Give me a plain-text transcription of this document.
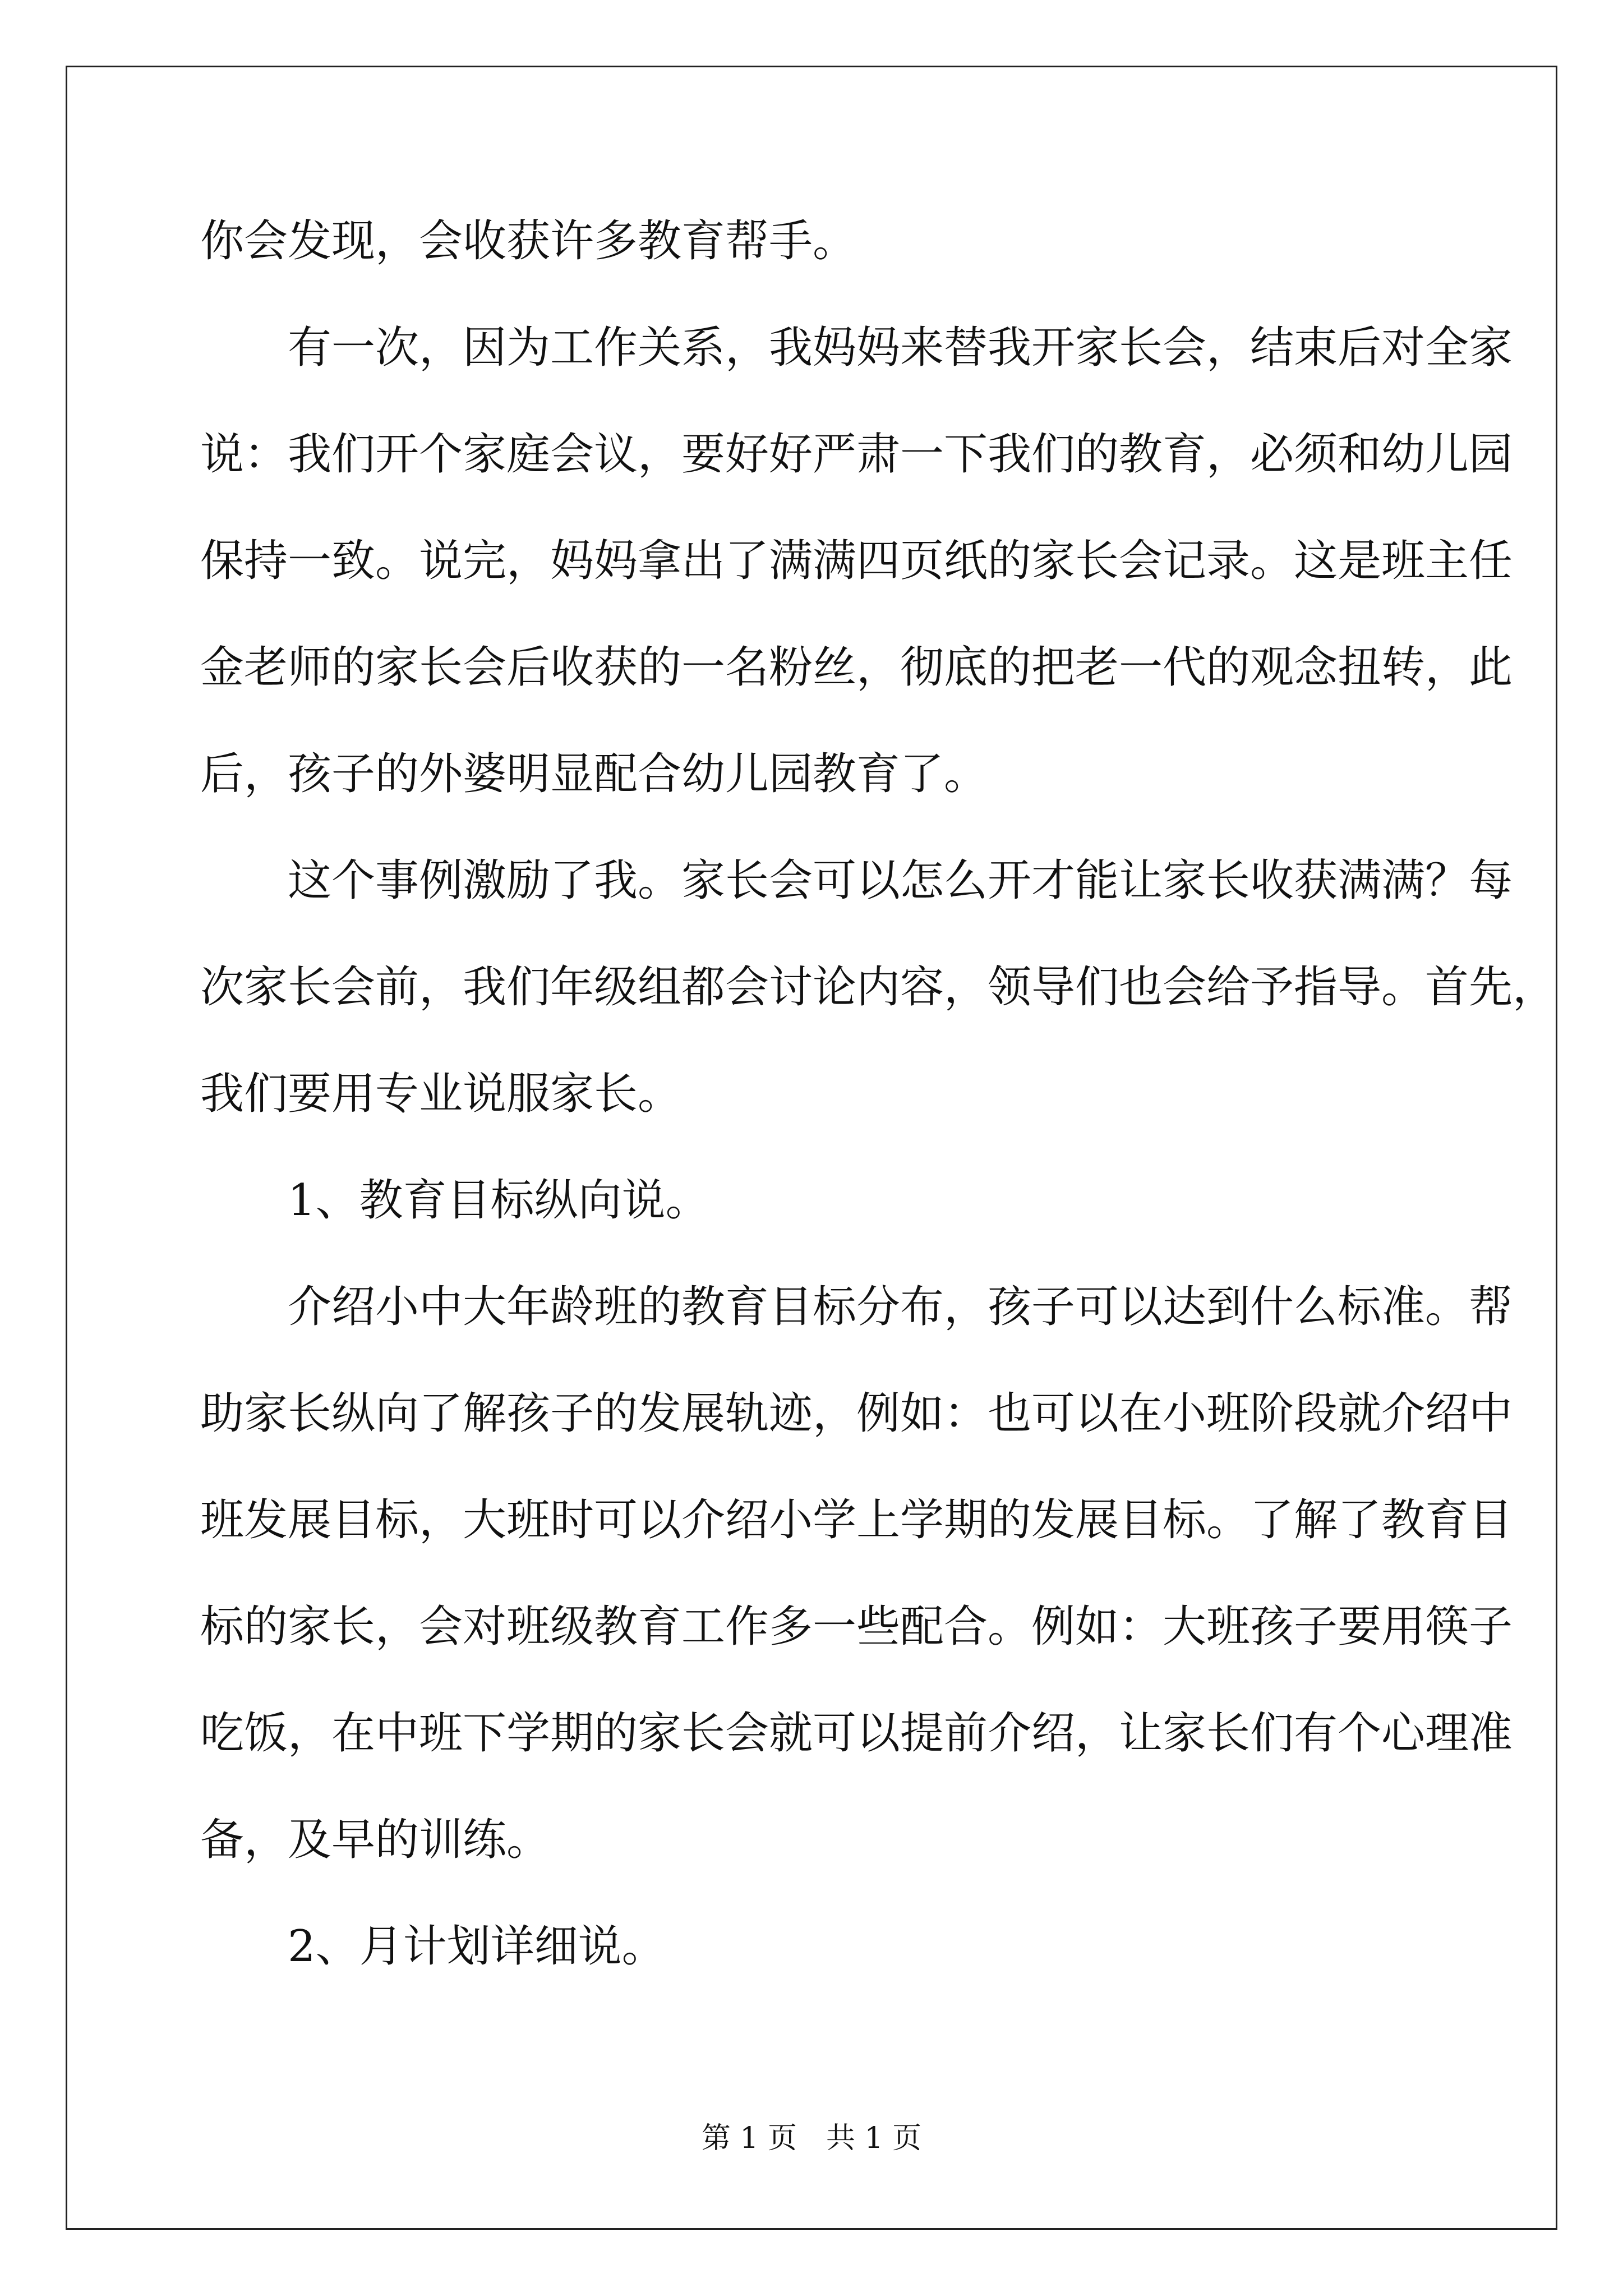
你会发现，会收获许多教育帮手。
有一次，因为工作关系，我妈妈来替我开家长会，结束后对全家
说：我们开个家庭会议，要好好严肃一下我们的教育，必须和幼儿园
保持一致。说完，妈妈拿出了满满四页纸的家长会记录。这是班主任
金老师的家长会后收获的一名粉丝，彻底的把老一代的观念扭转，此
后，孩子的外婆明显配合幼儿园教育了。
这个事例激励了我。家长会可以怎么开才能让家长收获满满？每
次家长会前，我们年级组都会讨论内容，领导们也会给予指导。首先，
我们要用专业说服家长。
1、教育目标纵向说。
介绍小中大年龄班的教育目标分布，孩子可以达到什么标准。帮
助家长纵向了解孩子的发展轨迹，例如：也可以在小班阶段就介绍中
班发展目标，大班时可以介绍小学上学期的发展目标。了解了教育目
标的家长，会对班级教育工作多一些配合。例如：大班孩子要用筷子
吃饭，在中班下学期的家长会就可以提前介绍，让家长们有个心理准
备，及早的训练。
2、月计划详细说。
第 1 页　共 1 页
